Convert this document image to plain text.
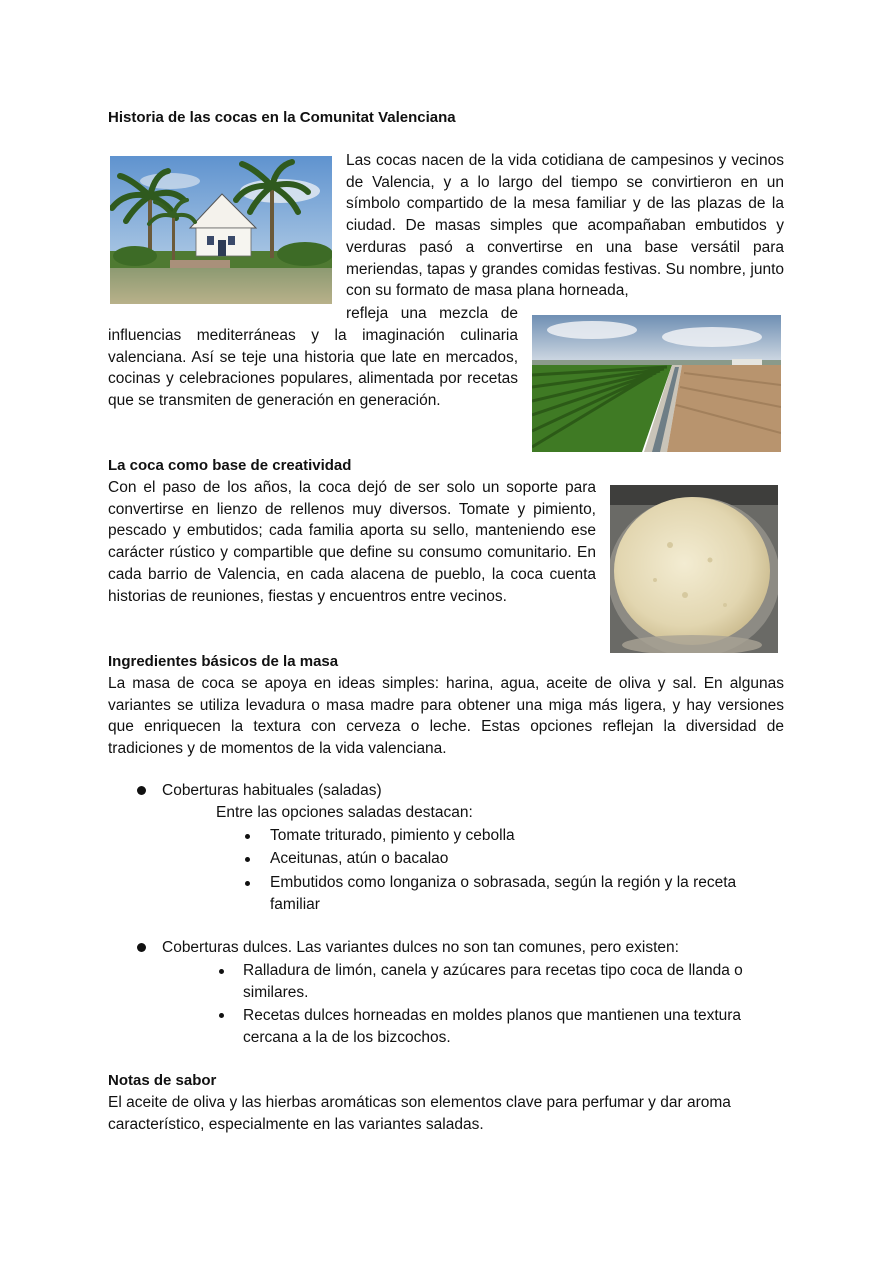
Historia de las cocas en la Comunitat Valenciana

Las cocas nacen de la vida cotidiana de campesinos y vecinos de Valencia, y a lo largo del tiempo se convirtieron en un símbolo compartido de la mesa familiar y de las plazas de la ciudad. De masas simples que acompañaban embutidos y verduras pasó a convertirse en una base versátil para meriendas, tapas y grandes comidas festivas. Su nombre, junto con su formato de masa plana horneada,

refleja una mezcla de

influencias mediterráneas y la imaginación culinaria valenciana. Así se teje una historia que late en mercados, cocinas y celebraciones populares, alimentada por recetas que se transmiten de generación en generación.

La coca como base de creatividad

Con el paso de los años, la coca dejó de ser solo un soporte para convertirse en lienzo de rellenos muy diversos. Tomate y pimiento, pescado y embutidos; cada familia aporta su sello, manteniendo ese carácter rústico y compartible que define su consumo comunitario. En cada barrio de Valencia, en cada alacena de pueblo, la coca cuenta historias de reuniones, fiestas y encuentros entre vecinos.

Ingredientes básicos de la masa

La masa de coca se apoya en ideas simples: harina, agua, aceite de oliva y sal. En algunas variantes se utiliza levadura o masa madre para obtener una miga más ligera, y hay versiones que enriquecen la textura con cerveza o leche. Estas opciones reflejan la diversidad de tradiciones y de momentos de la vida valenciana.

Coberturas habituales (saladas)

Entre las opciones saladas destacan:

Tomate triturado, pimiento y cebolla

Aceitunas, atún o bacalao

Embutidos como longaniza o sobrasada, según la región y la receta familiar

Coberturas dulces. Las variantes dulces no son tan comunes, pero existen:

Ralladura de limón, canela y azúcares para recetas tipo coca de llanda o similares.

Recetas dulces horneadas en moldes planos que mantienen una textura cercana a la de los bizcochos.

Notas de sabor

El aceite de oliva y las hierbas aromáticas son elementos clave para perfumar y dar aroma característico, especialmente en las variantes saladas.
